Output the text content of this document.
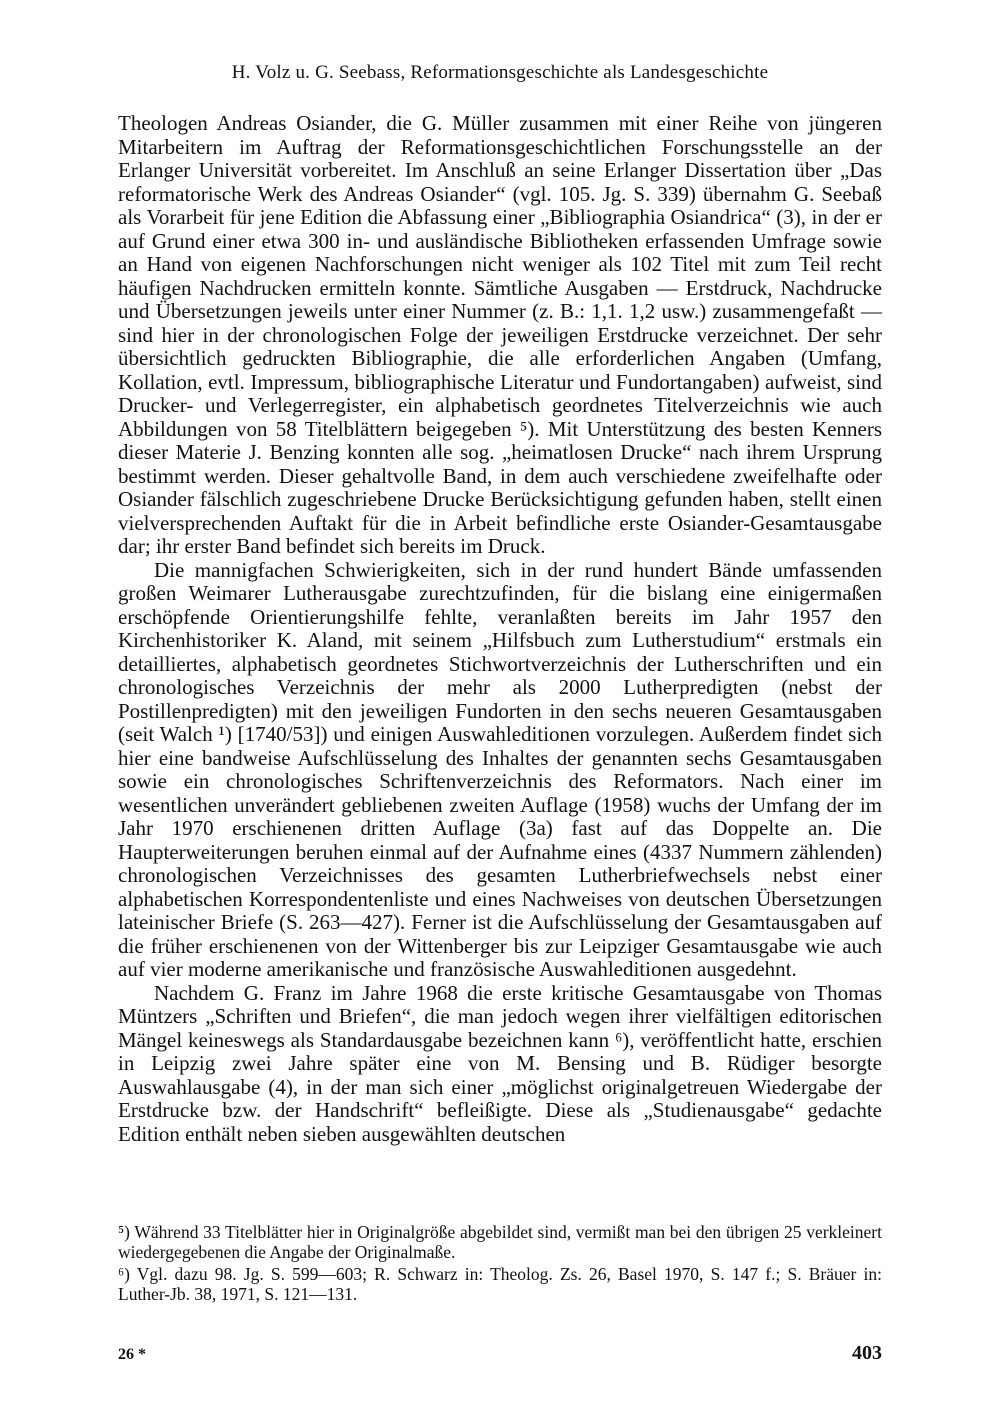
H. Volz u. G. Seebass, Reformationsgeschichte als Landesgeschichte

Theologen Andreas Osiander, die G. Müller zusammen mit einer Reihe von jüngeren Mitarbeitern im Auftrag der Reformationsgeschichtlichen Forschungsstelle an der Erlanger Universität vorbereitet. Im Anschluß an seine Erlanger Dissertation über „Das reformatorische Werk des Andreas Osiander“ (vgl. 105. Jg. S. 339) übernahm G. Seebaß als Vorarbeit für jene Edition die Abfassung einer „Bibliographia Osiandrica“ (3), in der er auf Grund einer etwa 300 in- und ausländische Bibliotheken erfassenden Umfrage sowie an Hand von eigenen Nachforschungen nicht weniger als 102 Titel mit zum Teil recht häufigen Nachdrucken ermitteln konnte. Sämtliche Ausgaben — Erstdruck, Nachdrucke und Übersetzungen jeweils unter einer Nummer (z. B.: 1,1. 1,2 usw.) zusammengefaßt — sind hier in der chronologischen Folge der jeweiligen Erstdrucke verzeichnet. Der sehr übersichtlich gedruckten Bibliographie, die alle erforderlichen Angaben (Umfang, Kollation, evtl. Impressum, bibliographische Literatur und Fundortangaben) aufweist, sind Drucker- und Verlegerregister, ein alphabetisch geordnetes Titelverzeichnis wie auch Abbildungen von 58 Titelblättern beigegeben ⁵). Mit Unterstützung des besten Kenners dieser Materie J. Benzing konnten alle sog. „heimatlosen Drucke“ nach ihrem Ursprung bestimmt werden. Dieser gehaltvolle Band, in dem auch verschiedene zweifelhafte oder Osiander fälschlich zugeschriebene Drucke Berücksichtigung gefunden haben, stellt einen vielversprechenden Auftakt für die in Arbeit befindliche erste Osiander-Gesamtausgabe dar; ihr erster Band befindet sich bereits im Druck.

Die mannigfachen Schwierigkeiten, sich in der rund hundert Bände umfassenden großen Weimarer Lutherausgabe zurechtzufinden, für die bislang eine einigermaßen erschöpfende Orientierungshilfe fehlte, veranlaßten bereits im Jahr 1957 den Kirchenhistoriker K. Aland, mit seinem „Hilfsbuch zum Lutherstudium“ erstmals ein detailliertes, alphabetisch geordnetes Stichwortverzeichnis der Lutherschriften und ein chronologisches Verzeichnis der mehr als 2000 Lutherpredigten (nebst der Postillenpredigten) mit den jeweiligen Fundorten in den sechs neueren Gesamtausgaben (seit Walch ¹) [1740/53]) und einigen Auswahleditionen vorzulegen. Außerdem findet sich hier eine bandweise Aufschlüsselung des Inhaltes der genannten sechs Gesamtausgaben sowie ein chronologisches Schriftenverzeichnis des Reformators. Nach einer im wesentlichen unverändert gebliebenen zweiten Auflage (1958) wuchs der Umfang der im Jahr 1970 erschienenen dritten Auflage (3a) fast auf das Doppelte an. Die Haupterweiterungen beruhen einmal auf der Aufnahme eines (4337 Nummern zählenden) chronologischen Verzeichnisses des gesamten Lutherbriefwechsels nebst einer alphabetischen Korrespondentenliste und eines Nachweises von deutschen Übersetzungen lateinischer Briefe (S. 263—427). Ferner ist die Aufschlüsselung der Gesamtausgaben auf die früher erschienenen von der Wittenberger bis zur Leipziger Gesamtausgabe wie auch auf vier moderne amerikanische und französische Auswahleditionen ausgedehnt.

Nachdem G. Franz im Jahre 1968 die erste kritische Gesamtausgabe von Thomas Müntzers „Schriften und Briefen“, die man jedoch wegen ihrer vielfältigen editorischen Mängel keineswegs als Standardausgabe bezeichnen kann ⁶), veröffentlicht hatte, erschien in Leipzig zwei Jahre später eine von M. Bensing und B. Rüdiger besorgte Auswahlausgabe (4), in der man sich einer „möglichst originalgetreuen Wiedergabe der Erstdrucke bzw. der Handschrift“ befleißigte. Diese als „Studienausgabe“ gedachte Edition enthält neben sieben ausgewählten deutschen

⁵) Während 33 Titelblätter hier in Originalgröße abgebildet sind, vermißt man bei den übrigen 25 verkleinert wiedergegebenen die Angabe der Originalmaße.

⁶) Vgl. dazu 98. Jg. S. 599—603; R. Schwarz in: Theolog. Zs. 26, Basel 1970, S. 147 f.; S. Bräuer in: Luther-Jb. 38, 1971, S. 121—131.

26 *	403
